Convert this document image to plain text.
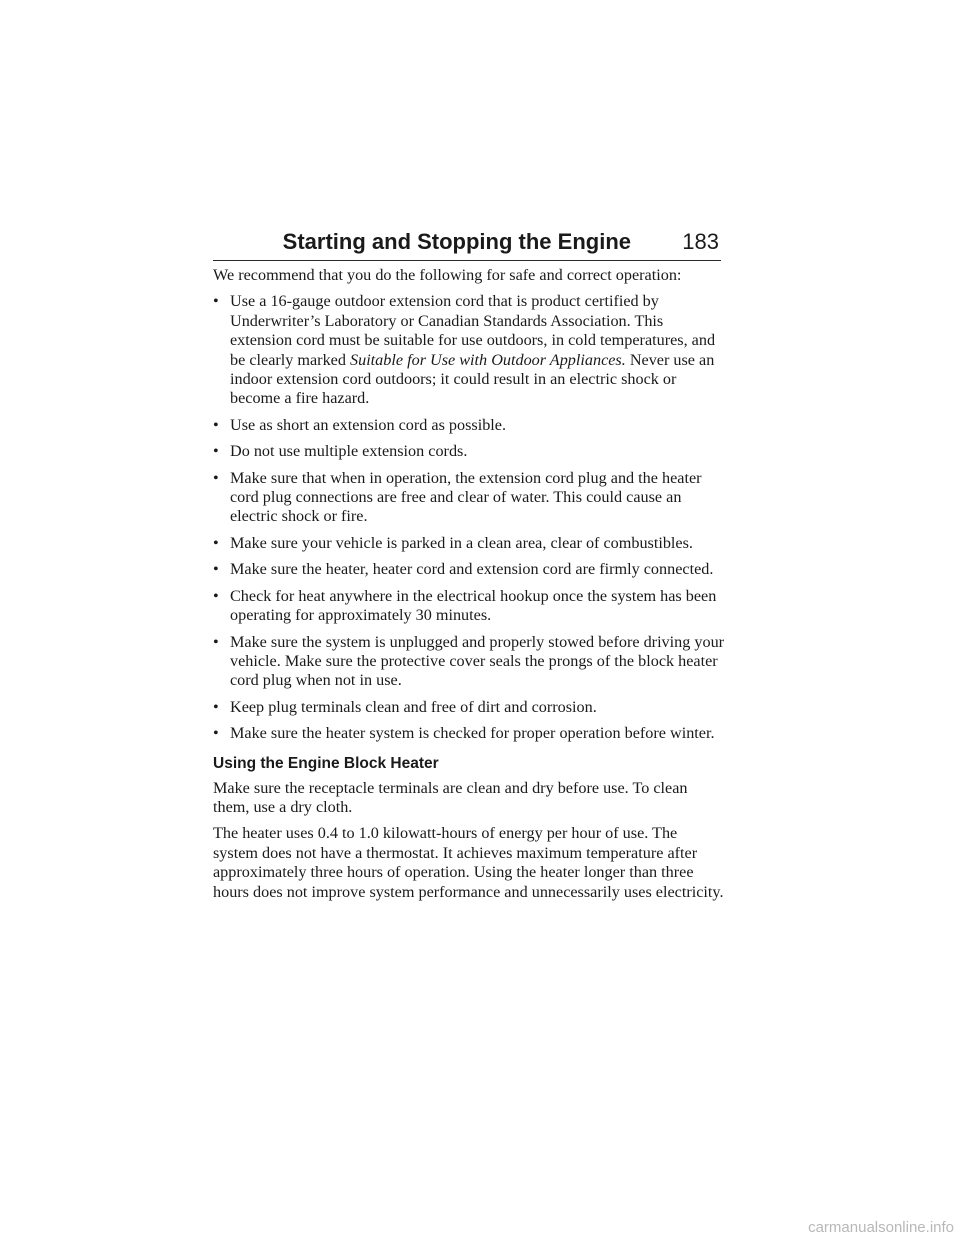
Starting and Stopping the Engine 183

We recommend that you do the following for safe and correct operation:

• Use a 16-gauge outdoor extension cord that is product certified by Underwriter’s Laboratory or Canadian Standards Association. This extension cord must be suitable for use outdoors, in cold temperatures, and be clearly marked Suitable for Use with Outdoor Appliances. Never use an indoor extension cord outdoors; it could result in an electric shock or become a fire hazard.
• Use as short an extension cord as possible.
• Do not use multiple extension cords.
• Make sure that when in operation, the extension cord plug and the heater cord plug connections are free and clear of water. This could cause an electric shock or fire.
• Make sure your vehicle is parked in a clean area, clear of combustibles.
• Make sure the heater, heater cord and extension cord are firmly connected.
• Check for heat anywhere in the electrical hookup once the system has been operating for approximately 30 minutes.
• Make sure the system is unplugged and properly stowed before driving your vehicle. Make sure the protective cover seals the prongs of the block heater cord plug when not in use.
• Keep plug terminals clean and free of dirt and corrosion.
• Make sure the heater system is checked for proper operation before winter.
Using the Engine Block Heater

Make sure the receptacle terminals are clean and dry before use. To clean them, use a dry cloth.

The heater uses 0.4 to 1.0 kilowatt-hours of energy per hour of use. The system does not have a thermostat. It achieves maximum temperature after approximately three hours of operation. Using the heater longer than three hours does not improve system performance and unnecessarily uses electricity.

carmanualsonline.info
